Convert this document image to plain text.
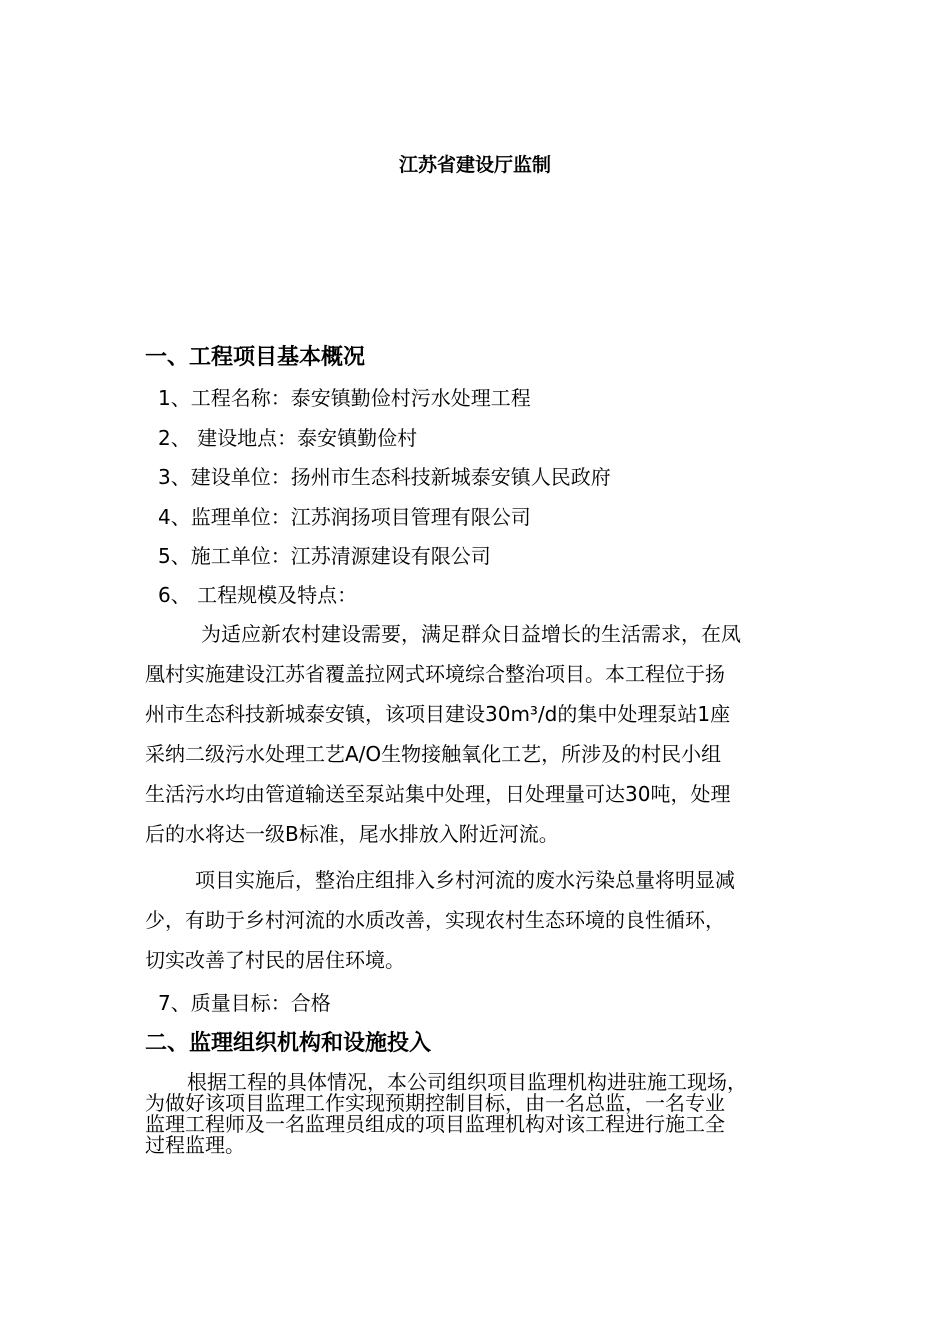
江苏省建设厅监制
一、工程项目基本概况
1、工程名称：泰安镇勤俭村污水处理工程
2、 建设地点：泰安镇勤俭村
3、建设单位：扬州市生态科技新城泰安镇人民政府
4、监理单位：江苏润扬项目管理有限公司
5、施工单位：江苏清源建设有限公司
6、 工程规模及特点：
为适应新农村建设需要，满足群众日益增长的生活需求，在凤
凰村实施建设江苏省覆盖拉网式环境综合整治项目。本工程位于扬
州市生态科技新城泰安镇，该项目建设30m³/d的集中处理泵站1座
采纳二级污水处理工艺A/O生物接触氧化工艺，所涉及的村民小组
生活污水均由管道输送至泵站集中处理，日处理量可达30吨，处理
后的水将达一级B标准，尾水排放入附近河流。
项目实施后，整治庄组排入乡村河流的废水污染总量将明显减
少，有助于乡村河流的水质改善，实现农村生态环境的良性循环，
切实改善了村民的居住环境。
7、质量目标：合格
二、监理组织机构和设施投入
根据工程的具体情况，本公司组织项目监理机构进驻施工现场，
为做好该项目监理工作实现预期控制目标，由一名总监，一名专业
监理工程师及一名监理员组成的项目监理机构对该工程进行施工全
过程监理。
